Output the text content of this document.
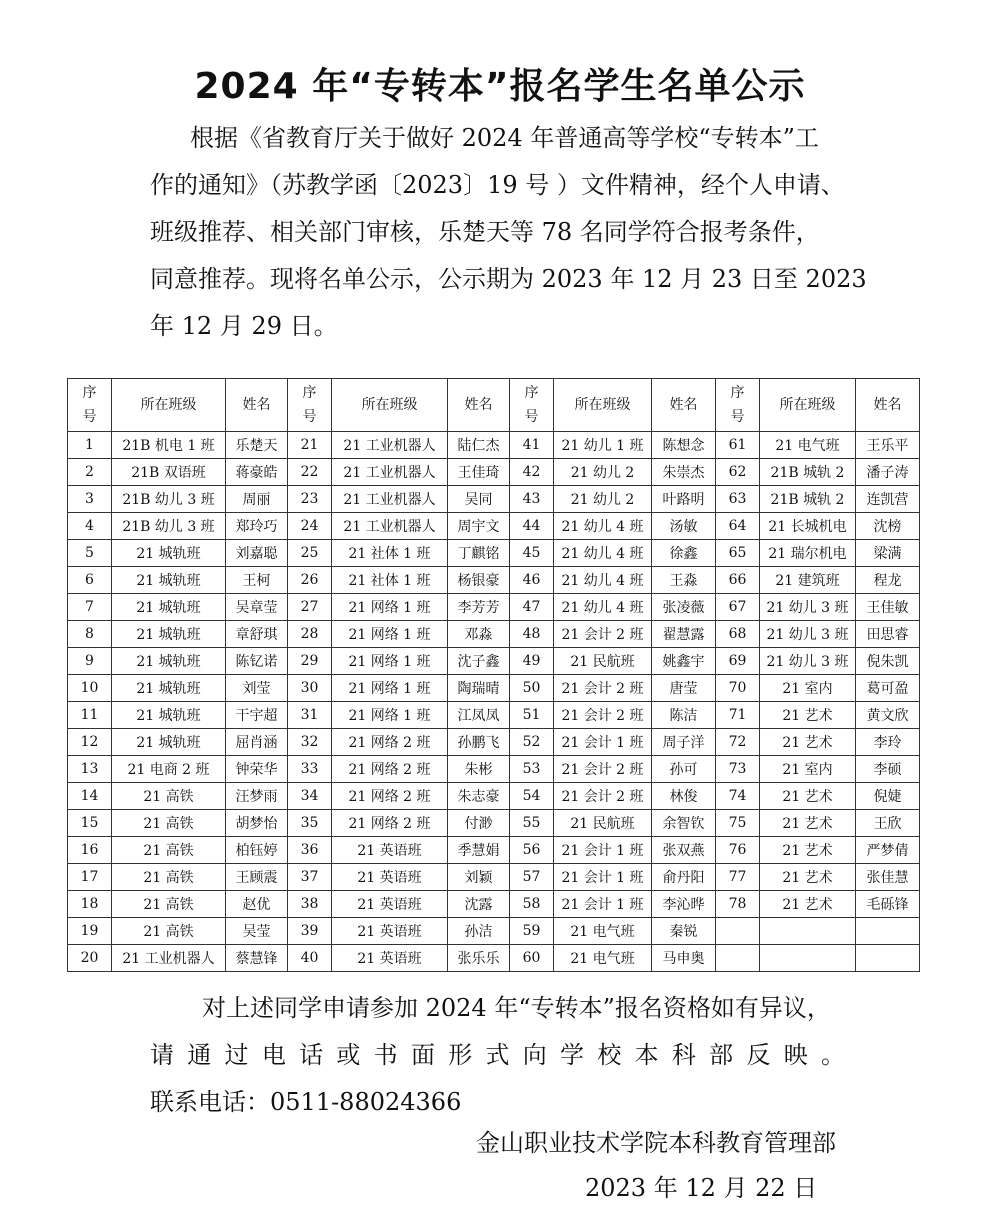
2024 年“专转本”报名学生名单公示
根据《省教育厅关于做好 2024 年普通高等学校“专转本”工
作的通知》（苏教学函〔2023〕19 号 ）文件精神，经个人申请、
班级推荐、相关部门审核，乐楚天等 78 名同学符合报考条件，
同意推荐。现将名单公示，公示期为 2023 年 12 月 23 日至 2023
年 12 月 29 日。
序
号	所在班级	姓名	序
号	所在班级	姓名	序
号	所在班级	姓名	序
号	所在班级	姓名
1	21B 机电 1 班	乐楚天	21	21 工业机器人	陆仁杰	41	21 幼儿 1 班	陈想念	61	21 电气班	王乐平
2	21B 双语班	蒋豪皓	22	21 工业机器人	王佳琦	42	21 幼儿 2	朱崇杰	62	21B 城轨 2	潘子涛
3	21B 幼儿 3 班	周丽	23	21 工业机器人	吴同	43	21 幼儿 2	叶路明	63	21B 城轨 2	连凯营
4	21B 幼儿 3 班	郑玲巧	24	21 工业机器人	周宇文	44	21 幼儿 4 班	汤敏	64	21 长城机电	沈榜
5	21 城轨班	刘嘉聪	25	21 社体 1 班	丁麒铭	45	21 幼儿 4 班	徐鑫	65	21 瑞尔机电	梁满
6	21 城轨班	王柯	26	21 社体 1 班	杨银豪	46	21 幼儿 4 班	王淼	66	21 建筑班	程龙
7	21 城轨班	吴章莹	27	21 网络 1 班	李芳芳	47	21 幼儿 4 班	张凌薇	67	21 幼儿 3 班	王佳敏
8	21 城轨班	章舒琪	28	21 网络 1 班	邓淼	48	21 会计 2 班	翟慧露	68	21 幼儿 3 班	田思睿
9	21 城轨班	陈钇诺	29	21 网络 1 班	沈子鑫	49	21 民航班	姚鑫宇	69	21 幼儿 3 班	倪朱凯
10	21 城轨班	刘莹	30	21 网络 1 班	陶瑞晴	50	21 会计 2 班	唐莹	70	21 室内	葛可盈
11	21 城轨班	干宇超	31	21 网络 1 班	江凤凤	51	21 会计 2 班	陈洁	71	21 艺术	黄文欣
12	21 城轨班	屈肖涵	32	21 网络 2 班	孙鹏飞	52	21 会计 1 班	周子洋	72	21 艺术	李玲
13	21 电商 2 班	钟荣华	33	21 网络 2 班	朱彬	53	21 会计 2 班	孙可	73	21 室内	李硕
14	21 高铁	汪梦雨	34	21 网络 2 班	朱志豪	54	21 会计 2 班	林俊	74	21 艺术	倪婕
15	21 高铁	胡梦怡	35	21 网络 2 班	付渺	55	21 民航班	余智钦	75	21 艺术	王欣
16	21 高铁	柏钰婷	36	21 英语班	季慧娟	56	21 会计 1 班	张双燕	76	21 艺术	严梦倩
17	21 高铁	王顾震	37	21 英语班	刘颖	57	21 会计 1 班	俞丹阳	77	21 艺术	张佳慧
18	21 高铁	赵优	38	21 英语班	沈露	58	21 会计 1 班	李沁晔	78	21 艺术	毛砾锋
19	21 高铁	吴莹	39	21 英语班	孙洁	59	21 电气班	秦锐			
20	21 工业机器人	蔡慧锋	40	21 英语班	张乐乐	60	21 电气班	马申奥			
对上述同学申请参加 2024 年“专转本”报名资格如有异议，
请通过电话或书面形式向学校本科部反映。
联系电话：0511-88024366
金山职业技术学院本科教育管理部
2023 年 12 月 22 日
